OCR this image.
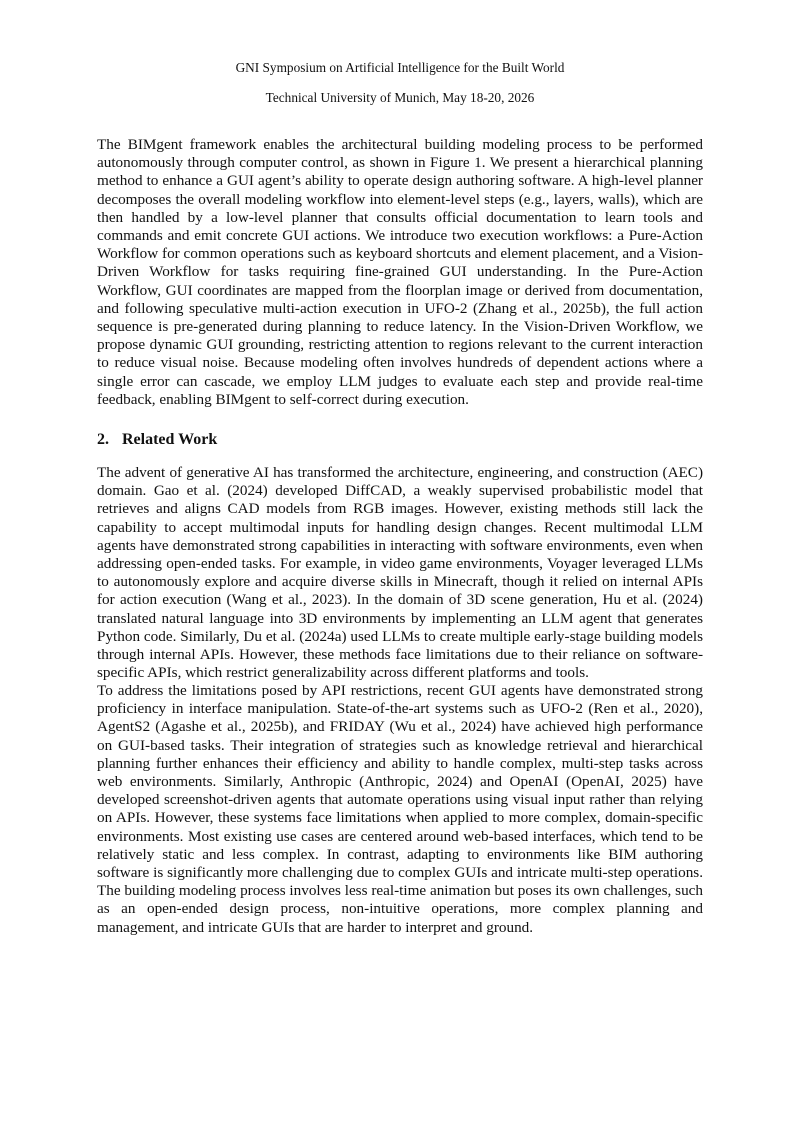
GNI Symposium on Artificial Intelligence for the Built World

Technical University of Munich, May 18-20, 2026

The BIMgent framework enables the architectural building modeling process to be performed autonomously through computer control, as shown in Figure 1. We present a hierarchical planning method to enhance a GUI agent’s ability to operate design authoring software. A high-level planner decomposes the overall modeling workflow into element-level steps (e.g., layers, walls), which are then handled by a low-level planner that consults official documentation to learn tools and commands and emit concrete GUI actions. We introduce two execution workflows: a Pure-Action Workflow for common operations such as keyboard shortcuts and element placement, and a Vision-Driven Workflow for tasks requiring fine-grained GUI understanding. In the Pure-Action Workflow, GUI coordinates are mapped from the floorplan image or derived from documentation, and following speculative multi-action execution in UFO-2 (Zhang et al., 2025b), the full action sequence is pre-generated during planning to reduce latency. In the Vision-Driven Workflow, we propose dynamic GUI grounding, restricting attention to regions relevant to the current interaction to reduce visual noise. Because modeling often involves hundreds of dependent actions where a single error can cascade, we employ LLM judges to evaluate each step and provide real-time feedback, enabling BIMgent to self-correct during execution.

2. Related Work

The advent of generative AI has transformed the architecture, engineering, and construction (AEC) domain. Gao et al. (2024) developed DiffCAD, a weakly supervised probabilistic model that retrieves and aligns CAD models from RGB images. However, existing methods still lack the capability to accept multimodal inputs for handling design changes. Recent multimodal LLM agents have demonstrated strong capabilities in interacting with software environments, even when addressing open-ended tasks. For example, in video game environments, Voyager leveraged LLMs to autonomously explore and acquire diverse skills in Minecraft, though it relied on internal APIs for action execution (Wang et al., 2023). In the domain of 3D scene generation, Hu et al. (2024) translated natural language into 3D environments by implementing an LLM agent that generates Python code. Similarly, Du et al. (2024a) used LLMs to create multiple early-stage building models through internal APIs. However, these methods face limitations due to their reliance on software-specific APIs, which restrict generalizability across different platforms and tools.

To address the limitations posed by API restrictions, recent GUI agents have demonstrated strong proficiency in interface manipulation. State-of-the-art systems such as UFO-2 (Ren et al., 2020), AgentS2 (Agashe et al., 2025b), and FRIDAY (Wu et al., 2024) have achieved high performance on GUI-based tasks. Their integration of strategies such as knowledge retrieval and hierarchical planning further enhances their efficiency and ability to handle complex, multi-step tasks across web environments. Similarly, Anthropic (Anthropic, 2024) and OpenAI (OpenAI, 2025) have developed screenshot-driven agents that automate operations using visual input rather than relying on APIs. However, these systems face limitations when applied to more complex, domain-specific environments. Most existing use cases are centered around web-based interfaces, which tend to be relatively static and less complex. In contrast, adapting to environments like BIM authoring software is significantly more challenging due to complex GUIs and intricate multi-step operations. The building modeling process involves less real-time animation but poses its own challenges, such as an open-ended design process, non-intuitive operations, more complex planning and management, and intricate GUIs that are harder to interpret and ground.
